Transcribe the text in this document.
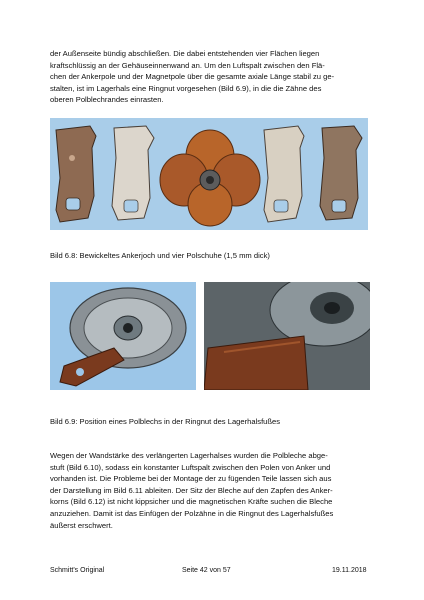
der Außenseite bündig abschließen. Die dabei entstehenden vier Flächen liegen
kraftschlüssig an der Gehäuseinnenwand an. Um den Luftspalt zwischen den Flä-
chen der Ankerpole und der Magnetpole über die gesamte axiale Länge stabil zu ge-
stalten, ist im Lagerhals eine Ringnut vorgesehen (Bild 6.9), in die die Zähne des
oberen Polblechrandes einrasten.
Bild 6.8: Bewickeltes Ankerjoch und vier Polschuhe (1,5 mm dick)
Bild 6.9: Position eines Polblechs in der Ringnut des Lagerhalsfußes
Wegen der Wandstärke des verlängerten Lagerhalses wurden die Polbleche abge-
stuft (Bild 6.10), sodass ein konstanter Luftspalt zwischen den Polen von Anker und
vorhanden ist. Die Probleme bei der Montage der zu fügenden Teile lassen sich aus
der Darstellung im Bild 6.11 ableiten. Der Sitz der Bleche auf den Zapfen des Anker-
korns (Bild 6.12) ist nicht kippsicher und die magnetischen Kräfte suchen die Bleche
anzuziehen. Damit ist das Einfügen der Polzähne in die Ringnut des Lagerhalsfußes
äußerst erschwert.
Schmitt's Original	Seite 42 von 57	19.11.2018
